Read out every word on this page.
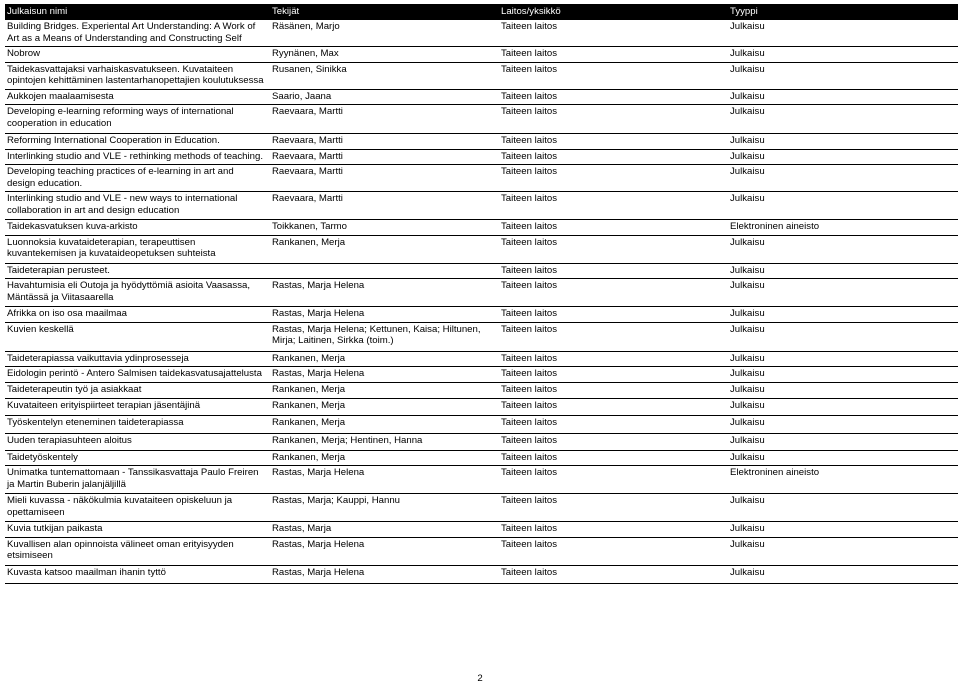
Julkaisun nimi	Tekijät	Laitos/yksikkö	Tyyppi
Building Bridges. Experiental Art Understanding: A Work of Art as a Means of Understanding and Constructing Self	Räsänen, Marjo	Taiteen laitos	Julkaisu
Nobrow	Ryynänen, Max	Taiteen laitos	Julkaisu
Taidekasvattajaksi varhaiskasvatukseen. Kuvataiteen opintojen kehittäminen lastentarhanopettajien koulutuksessa	Rusanen, Sinikka	Taiteen laitos	Julkaisu
Aukkojen maalaamisesta	Saario, Jaana	Taiteen laitos	Julkaisu
Developing e-learning reforming ways of international cooperation in education	Raevaara, Martti	Taiteen laitos	Julkaisu
Reforming International Cooperation in Education.	Raevaara, Martti	Taiteen laitos	Julkaisu
Interlinking studio and VLE - rethinking methods of teaching.	Raevaara, Martti	Taiteen laitos	Julkaisu
Developing teaching practices of e-learning in art and design education.	Raevaara, Martti	Taiteen laitos	Julkaisu
Interlinking studio and VLE - new ways to international collaboration in art and design education	Raevaara, Martti	Taiteen laitos	Julkaisu
Taidekasvatuksen kuva-arkisto	Toikkanen, Tarmo	Taiteen laitos	Elektroninen aineisto
Luonnoksia kuvataideterapian, terapeuttisen kuvantekemisen ja kuvataideopetuksen suhteista	Rankanen, Merja	Taiteen laitos	Julkaisu
Taideterapian perusteet.		Taiteen laitos	Julkaisu
Havahtumisia eli Outoja ja hyödyttömiä asioita Vaasassa, Mäntässä ja Viitasaarella	Rastas, Marja Helena	Taiteen laitos	Julkaisu
Afrikka on iso osa maailmaa	Rastas, Marja Helena	Taiteen laitos	Julkaisu
Kuvien keskellä	Rastas, Marja Helena; Kettunen, Kaisa; Hiltunen, Mirja; Laitinen, Sirkka (toim.)	Taiteen laitos	Julkaisu
Taideterapiassa vaikuttavia ydinprosesseja	Rankanen, Merja	Taiteen laitos	Julkaisu
Eidologin perintö - Antero Salmisen taidekasvatusajattelusta	Rastas, Marja Helena	Taiteen laitos	Julkaisu
Taideterapeutin työ ja asiakkaat	Rankanen, Merja	Taiteen laitos	Julkaisu
Kuvataiteen erityispiirteet terapian jäsentäjinä	Rankanen, Merja	Taiteen laitos	Julkaisu
Työskentelyn eteneminen taideterapiassa	Rankanen, Merja	Taiteen laitos	Julkaisu
Uuden terapiasuhteen aloitus	Rankanen, Merja; Hentinen, Hanna	Taiteen laitos	Julkaisu
Taidetyöskentely	Rankanen, Merja	Taiteen laitos	Julkaisu
Unimatka tuntemattomaan - Tanssikasvattaja Paulo Freiren ja Martin Buberin jalanjäljillä	Rastas, Marja Helena	Taiteen laitos	Elektroninen aineisto
Mieli kuvassa - näkökulmia kuvataiteen opiskeluun ja opettamiseen	Rastas, Marja; Kauppi, Hannu	Taiteen laitos	Julkaisu
Kuvia tutkijan paikasta	Rastas, Marja	Taiteen laitos	Julkaisu
Kuvallisen alan opinnoista välineet oman erityisyyden etsimiseen	Rastas, Marja Helena	Taiteen laitos	Julkaisu
Kuvasta katsoo maailman ihanin tyttö	Rastas, Marja Helena	Taiteen laitos	Julkaisu
2
